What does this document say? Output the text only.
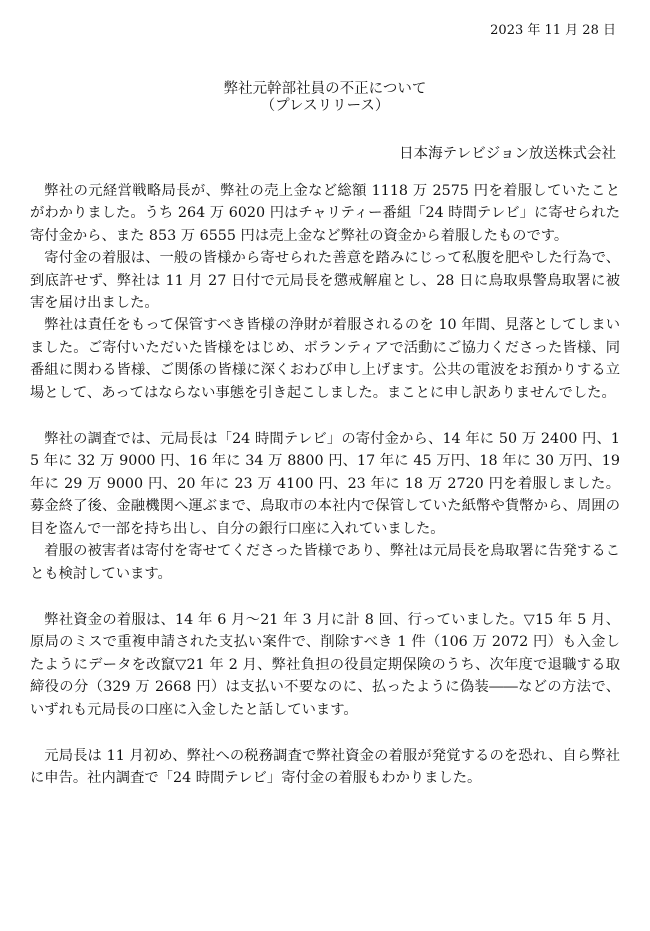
2023 年 11 月 28 日
弊社元幹部社員の不正について
（プレスリリース）
日本海テレビジョン放送株式会社

弊社の元経営戦略局長が、弊社の売上金など総額 1118 万 2575 円を着服していたことがわかりました。うち 264 万 6020 円はチャリティー番組「24 時間テレビ」に寄せられた寄付金から、また 853 万 6555 円は売上金など弊社の資金から着服したものです。

寄付金の着服は、一般の皆様から寄せられた善意を踏みにじって私腹を肥やした行為で、到底許せず、弊社は 11 月 27 日付で元局長を懲戒解雇とし、28 日に鳥取県警鳥取署に被害を届け出ました。

弊社は責任をもって保管すべき皆様の浄財が着服されるのを 10 年間、見落としてしまいました。ご寄付いただいた皆様をはじめ、ボランティアで活動にご協力くださった皆様、同番組に関わる皆様、ご関係の皆様に深くおわび申し上げます。公共の電波をお預かりする立場として、あってはならない事態を引き起こしました。まことに申し訳ありませんでした。

弊社の調査では、元局長は「24 時間テレビ」の寄付金から、14 年に 50 万 2400 円、15 年に 32 万 9000 円、16 年に 34 万 8800 円、17 年に 45 万円、18 年に 30 万円、19 年に 29 万 9000 円、20 年に 23 万 4100 円、23 年に 18 万 2720 円を着服しました。募金終了後、金融機関へ運ぶまで、鳥取市の本社内で保管していた紙幣や貨幣から、周囲の目を盗んで一部を持ち出し、自分の銀行口座に入れていました。

着服の被害者は寄付を寄せてくださった皆様であり、弊社は元局長を鳥取署に告発することも検討しています。

弊社資金の着服は、14 年 6 月～21 年 3 月に計 8 回、行っていました。▽15 年 5 月、原局のミスで重複申請された支払い案件で、削除すべき 1 件（106 万 2072 円）も入金したようにデータを改竄▽21 年 2 月、弊社負担の役員定期保険のうち、次年度で退職する取締役の分（329 万 2668 円）は支払い不要なのに、払ったように偽装――などの方法で、いずれも元局長の口座に入金したと話しています。

元局長は 11 月初め、弊社への税務調査で弊社資金の着服が発覚するのを恐れ、自ら弊社に申告。社内調査で「24 時間テレビ」寄付金の着服もわかりました。
